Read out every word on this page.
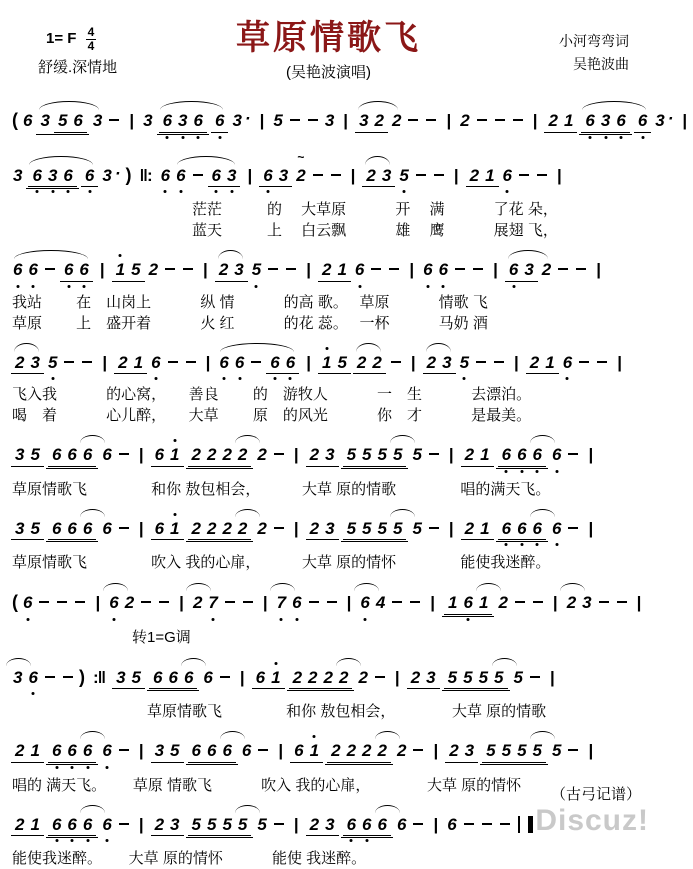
1= F $\frac{4}{4}$
舒缓.深情地
草原情歌飞
(吴艳波演唱)
小河弯弯词
吴艳波曲
( 6 3 5 6 3 | 3 6 3 6 6 3 · | 5 3 | 3 2 2	| 2	| 2 1 6 3 6 6 3 · |
3 6 3 6 6 3 · ) ‖: 6 6 6 3 | 6 3 2
~
| 2 3 5	| 2 1 6	|
　　　　　　　　　　　　茫茫　　　的　 大草原　　　 开　 满　　　 了花 朵，
　　　　　　　　　　　　蓝天　　　上　 白云飘　　　 雄　 鹰　　　 展翅 飞，
6 6 6 6 | 1 5 2	| 2 3 5	| 2 1 6	| 6 6	| 6 3 2	|
我站　　 在　山岗上　　　 纵 情　　　 的高 歌。　 草原　　　 情歌 飞
草原　　 上　盛开着　　　 火 红　　　 的花 蕊。　 一杯　　　 马奶 酒
2 3 5	| 2 1 6	| 6 6 6 6 | 1 5 2 2 | 2 3 5	| 2 1 6	|
飞入我　　　 的心窝，　　善良　　 的　游牧人　　　 一　生　　　 去漂泊。
喝　着　　　 心儿醉，　　大草　　 原　的风光　　　 你　才　　　 是最美。
3 5 6 6 6 6 | 6 1 2 2 2 2 2 | 2 3 5 5 5 5 5 | 2 1 6 6 6 6 |
草原情歌飞　　　　 和你 敖包相会，　　　 大草 原的情歌　　　　 唱的满天飞。
3 5 6 6 6 6 | 6 1 2 2 2 2 2 | 2 3 5 5 5 5 5 | 2 1 6 6 6 6 |
草原情歌飞　　　　 吹入 我的心扉，　　　 大草 原的情怀　　　　 能使我迷醉。
( 6	| 6 2	| 2 7	| 7 6	| 6 4	| 1 6 1 2	| 2 3	|
　　　　　　　　转1=G调
3 6 ) :‖ 3 5 6 6 6 6 | 6 1 2 2 2 2 2 | 2 3 5 5 5 5 5 |
　　　　　　　　　草原情歌飞　　　　 和你 敖包相会，　　　　 大草 原的情歌
2 1 6 6 6 6 | 3 5 6 6 6 6 | 6 1 2 2 2 2 2 | 2 3 5 5 5 5 5 |
唱的 满天飞。　　 草原 情歌飞　　　 吹入 我的心扉，　　　　 大草 原的情怀
2 1 6 6 6 6 | 2 3 5 5 5 5 5 | 2 3 6 6 6 6 | 6
能使我迷醉。　　 大草 原的情怀　　　 能使 我迷醉。
（古弓记谱）
Discuz!
